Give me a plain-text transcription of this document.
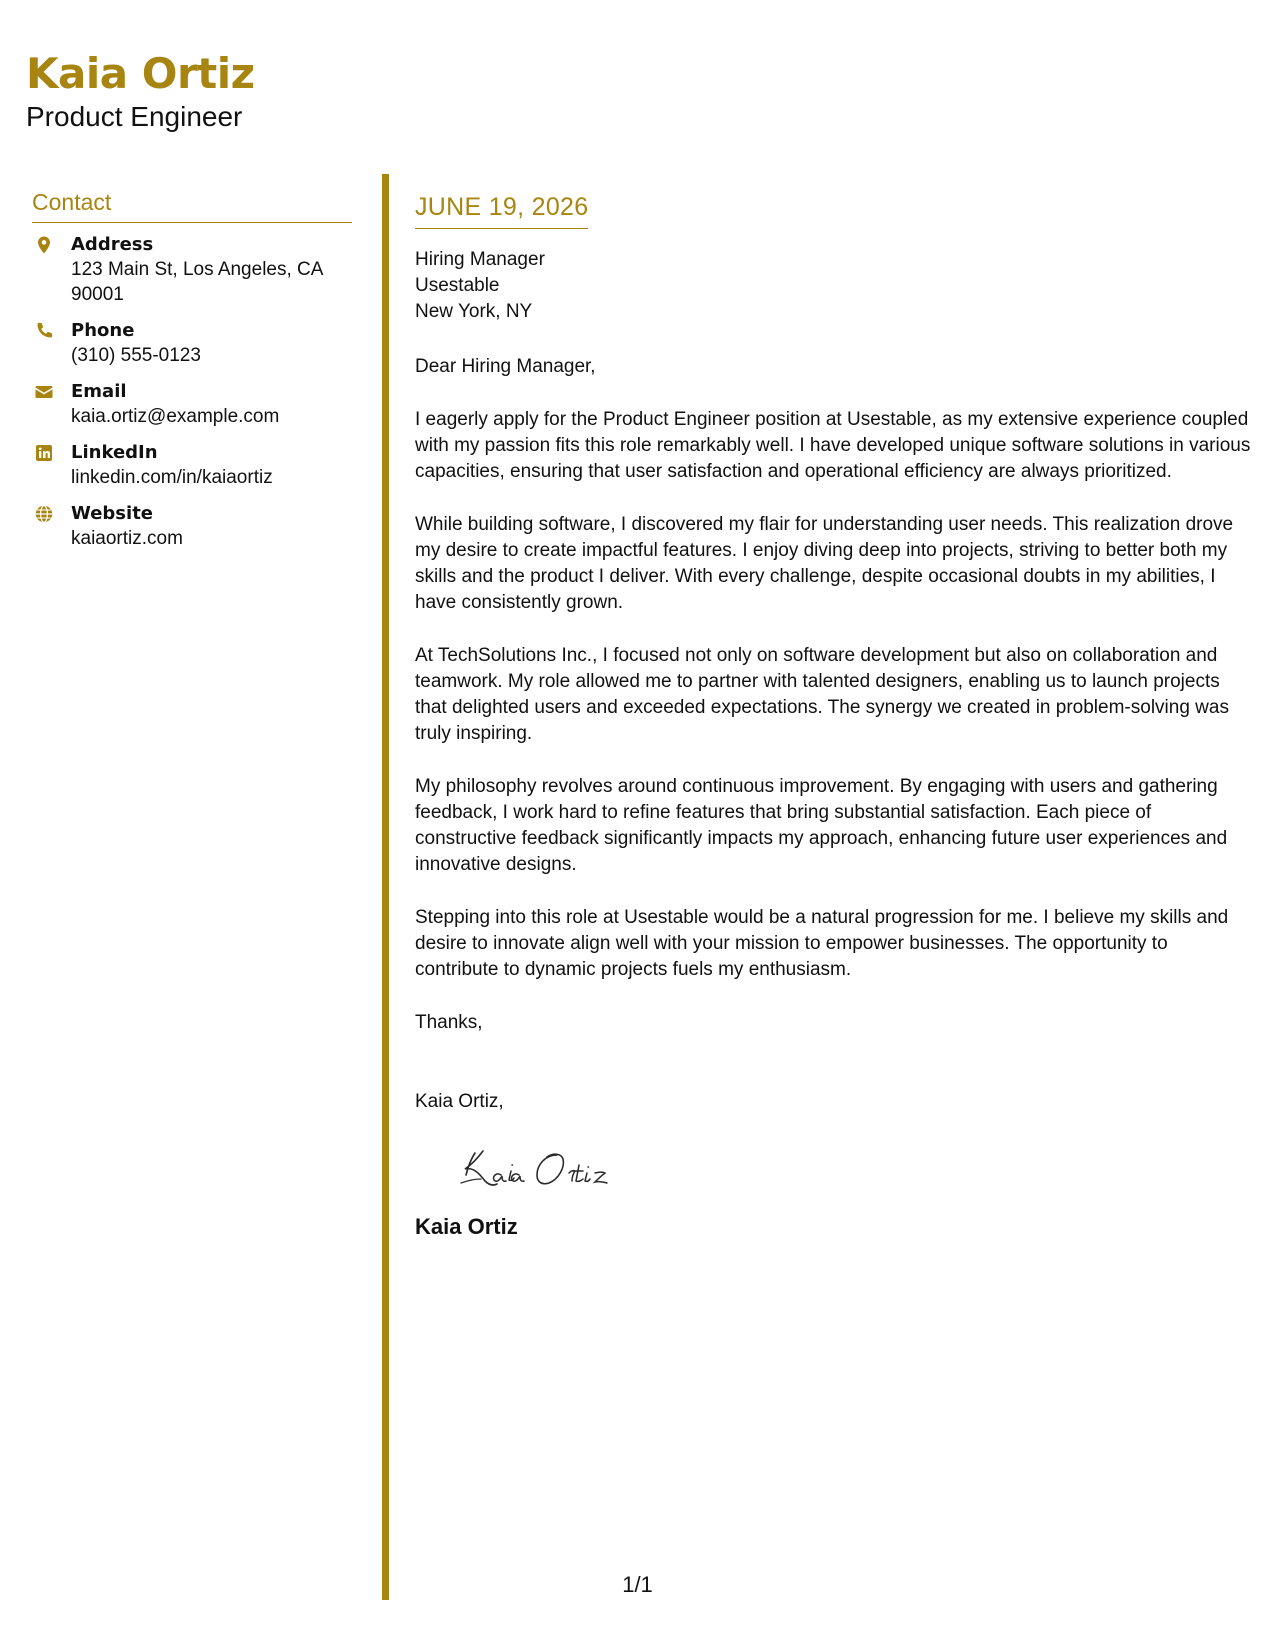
Kaia Ortiz
Product Engineer
Contact
Address
123 Main St, Los Angeles, CA 90001
Phone
(310) 555-0123
Email
kaia.ortiz@example.com
LinkedIn
linkedin.com/in/kaiaortiz
Website
kaiaortiz.com
JUNE 19, 2026
Hiring Manager
Usestable
New York, NY
Dear Hiring Manager,
I eagerly apply for the Product Engineer position at Usestable, as my extensive experience coupled with my passion fits this role remarkably well. I have developed unique software solutions in various capacities, ensuring that user satisfaction and operational efficiency are always prioritized.
While building software, I discovered my flair for understanding user needs. This realization drove my desire to create impactful features. I enjoy diving deep into projects, striving to better both my skills and the product I deliver. With every challenge, despite occasional doubts in my abilities, I have consistently grown.
At TechSolutions Inc., I focused not only on software development but also on collaboration and teamwork. My role allowed me to partner with talented designers, enabling us to launch projects that delighted users and exceeded expectations. The synergy we created in problem-solving was truly inspiring.
My philosophy revolves around continuous improvement. By engaging with users and gathering feedback, I work hard to refine features that bring substantial satisfaction. Each piece of constructive feedback significantly impacts my approach, enhancing future user experiences and innovative designs.
Stepping into this role at Usestable would be a natural progression for me. I believe my skills and desire to innovate align well with your mission to empower businesses. The opportunity to contribute to dynamic projects fuels my enthusiasm.
Thanks,
Kaia Ortiz,
Kaia Ortiz
1/1
